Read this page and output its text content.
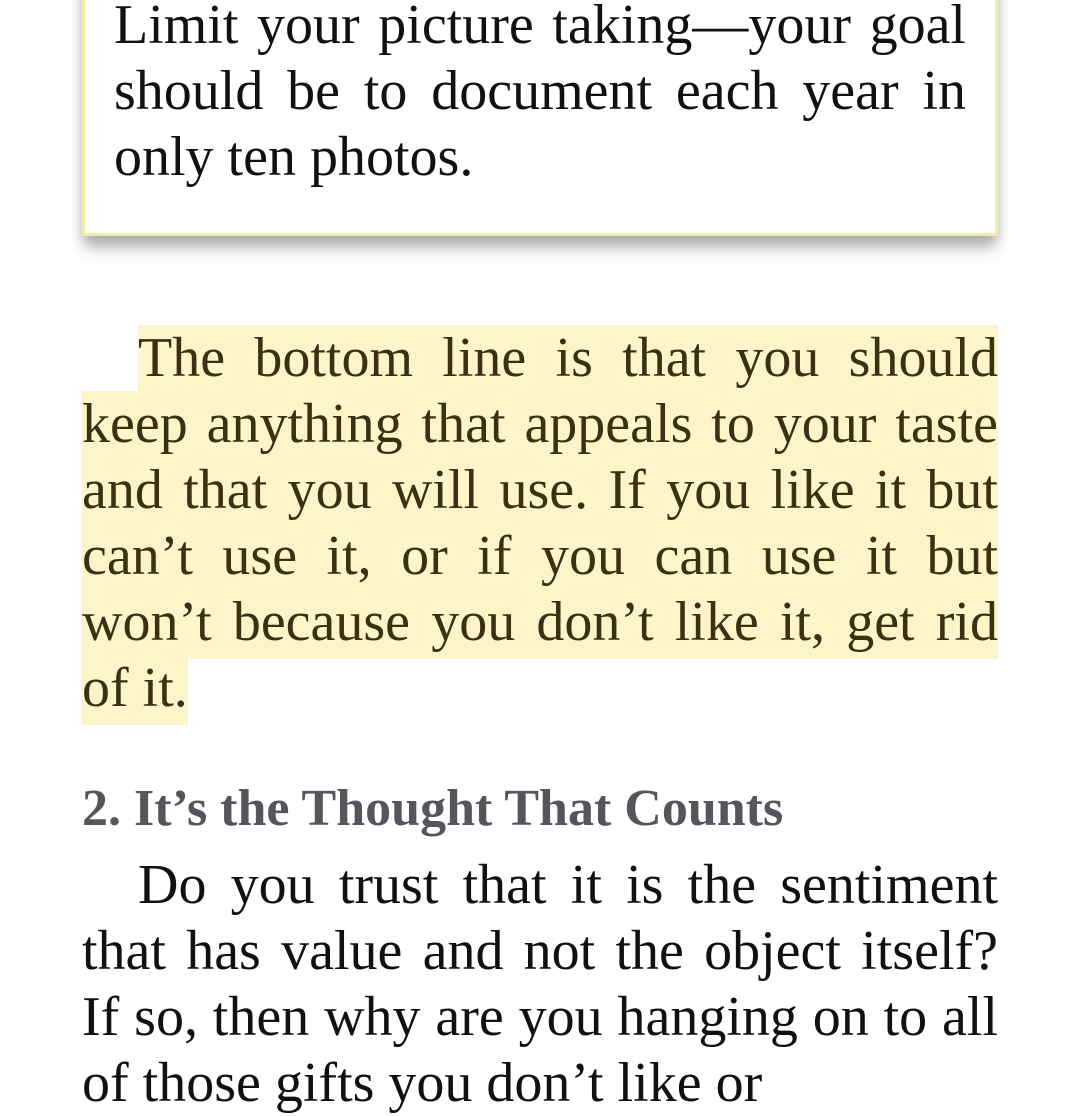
Limit your picture taking—your goal should be to document each year in only ten photos.

The bottom line is that you should keep anything that appeals to your taste and that you will use. If you like it but can’t use it, or if you can use it but won’t because you don’t like it, get rid of it.

2. It’s the Thought That Counts

Do you trust that it is the sentiment that has value and not the object itself? If so, then why are you hanging on to all of those gifts you don’t like or
